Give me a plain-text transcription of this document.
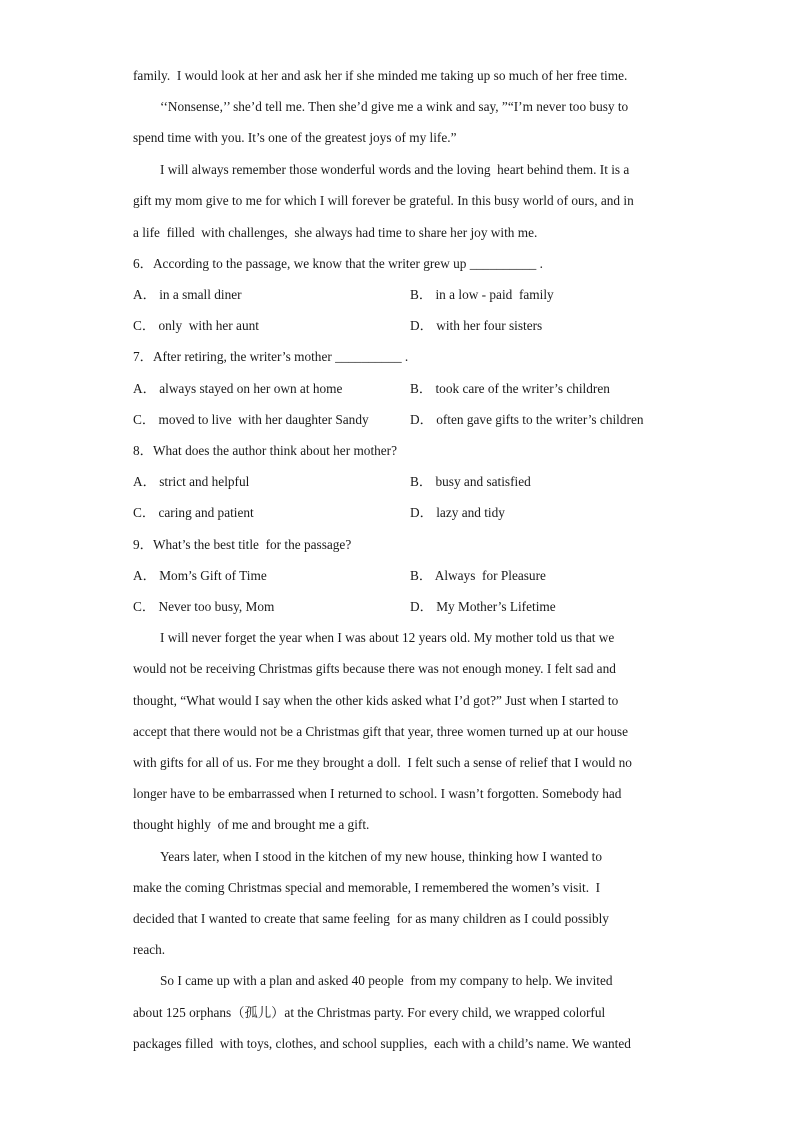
family.  I would look at her and ask her if she minded me taking up so much of her free time.
‘‘Nonsense,’’ she’d tell me. Then she’d give me a wink and say, ”“I’m never too busy to
spend time with you. It’s one of the greatest joys of my life.”
I will always remember those wonderful words and the loving  heart behind them. It is a
gift my mom give to me for which I will forever be grateful. In this busy world of ours, and in
a life  filled  with challenges,  she always had time to share her joy with me.
6．According to the passage, we know that the writer grew up __________ .
A． in a small diner	B． in a low - paid  family
C． only  with her aunt	D． with her four sisters
7．After retiring, the writer’s mother __________ .
A． always stayed on her own at home	B． took care of the writer’s children
C． moved to live  with her daughter Sandy	D． often gave gifts to the writer’s children
8．What does the author think about her mother?
A． strict and helpful	B． busy and satisfied
C． caring and patient	D． lazy and tidy
9．What’s the best title  for the passage?
A． Mom’s Gift of Time	B． Always  for Pleasure
C． Never too busy, Mom	D． My Mother’s Lifetime
I will never forget the year when I was about 12 years old. My mother told us that we
would not be receiving Christmas gifts because there was not enough money. I felt sad and
thought, “What would I say when the other kids asked what I’d got?” Just when I started to
accept that there would not be a Christmas gift that year, three women turned up at our house
with gifts for all of us. For me they brought a doll.  I felt such a sense of relief that I would no
longer have to be embarrassed when I returned to school. I wasn’t forgotten. Somebody had
thought highly  of me and brought me a gift.
Years later, when I stood in the kitchen of my new house, thinking how I wanted to
make the coming Christmas special and memorable, I remembered the women’s visit.  I
decided that I wanted to create that same feeling  for as many children as I could possibly
reach.
So I came up with a plan and asked 40 people  from my company to help. We invited
about 125 orphans（孤儿）at the Christmas party. For every child, we wrapped colorful
packages filled  with toys, clothes, and school supplies,  each with a child’s name. We wanted
